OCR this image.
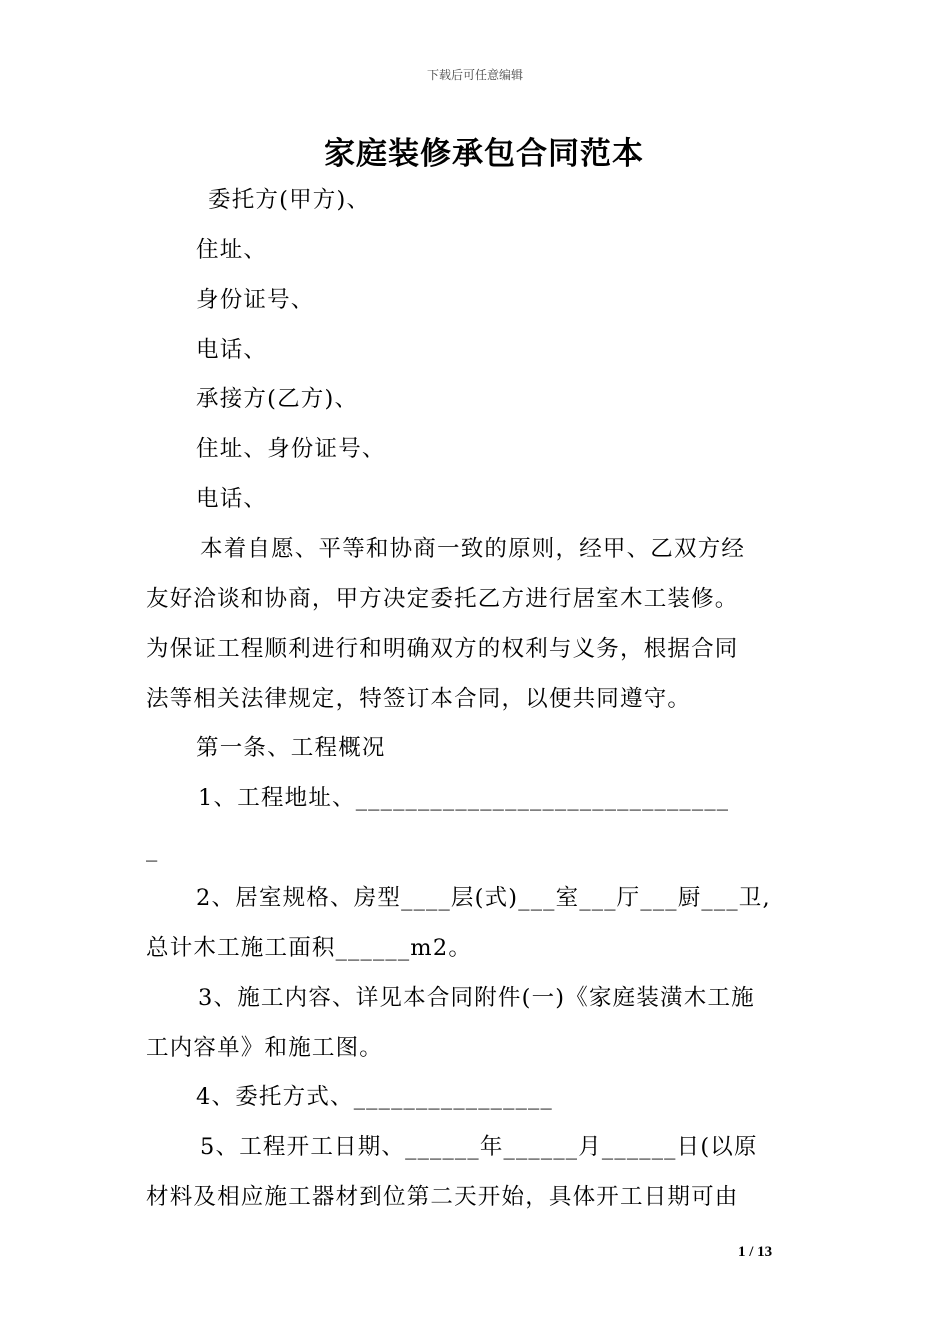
下载后可任意编辑
家庭装修承包合同范本
委托方(甲方)、
住址、
身份证号、
电话、
承接方(乙方)、
住址、身份证号、
电话、
本着自愿、平等和协商一致的原则，经甲、乙双方经
友好洽谈和协商，甲方决定委托乙方进行居室木工装修。
为保证工程顺利进行和明确双方的权利与义务，根据合同
法等相关法律规定，特签订本合同，以便共同遵守。
第一条、工程概况
1、工程地址、______________________________
_
2、居室规格、房型____层(式)___室___厅___厨___卫,
总计木工施工面积______m2。
3、施工内容、详见本合同附件(一)《家庭装潢木工施
工内容单》和施工图。
4、委托方式、________________
5、工程开工日期、______年______月______日(以原
材料及相应施工器材到位第二天开始，具体开工日期可由
1 / 13
